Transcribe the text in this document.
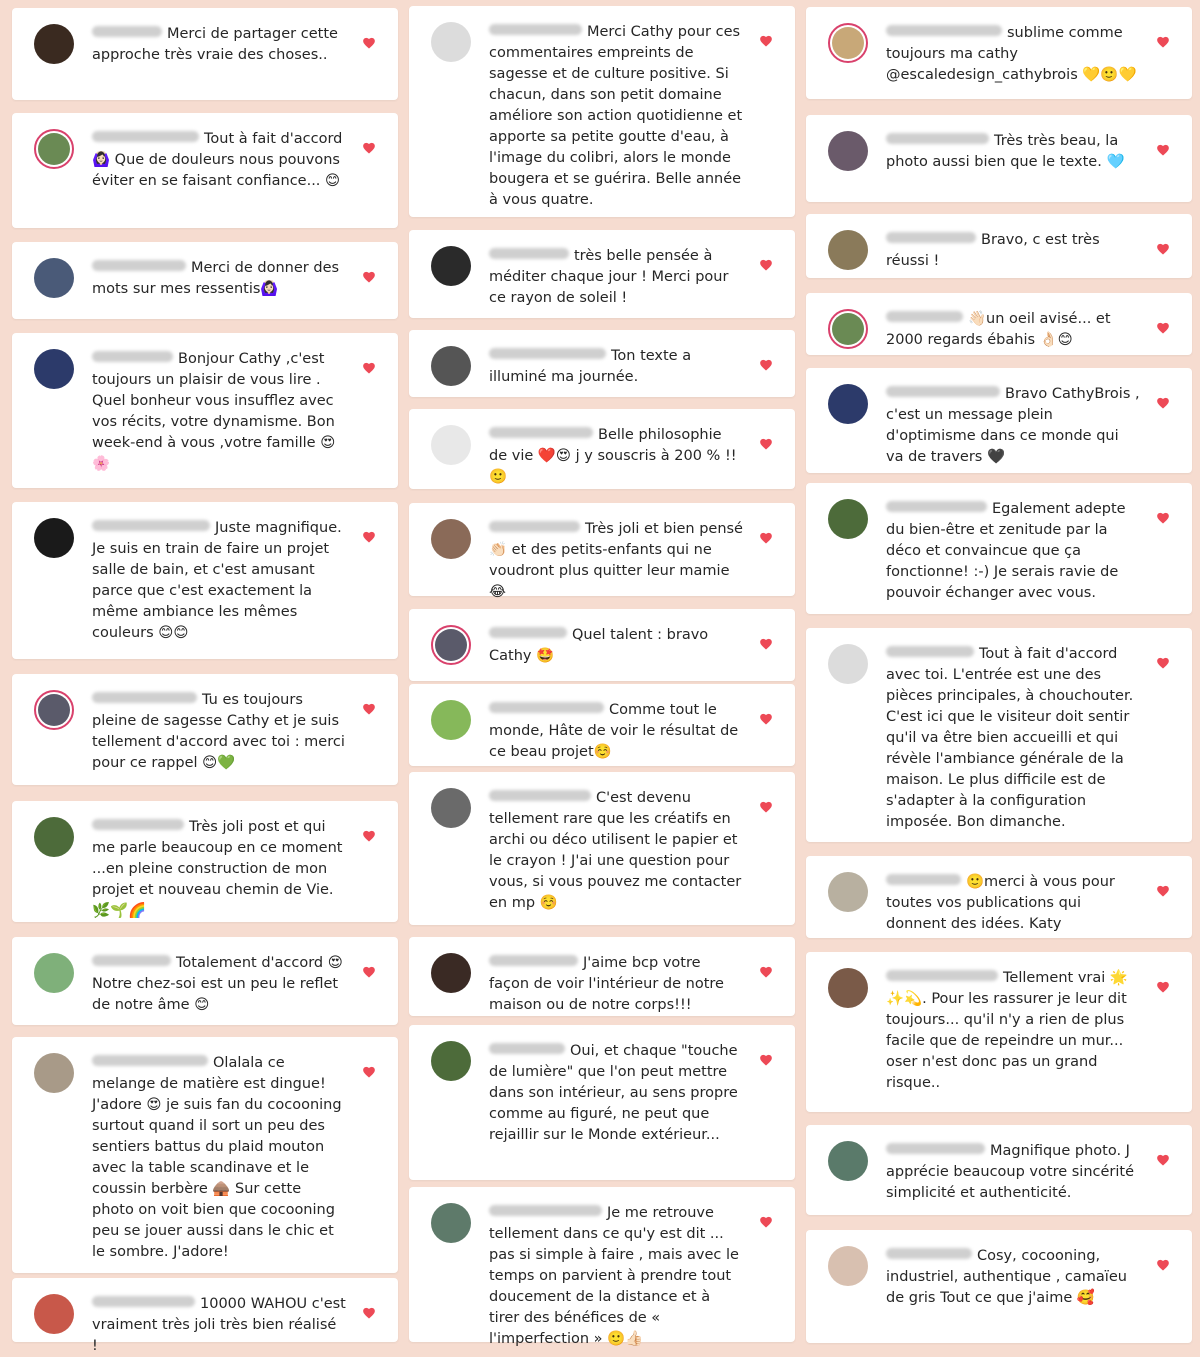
Merci de partager cette approche très vraie des choses..
Tout à fait d'accord 🙆🏻‍♀️ Que de douleurs nous pouvons éviter en se faisant confiance... 😊
Merci de donner des mots sur mes ressentis🙆🏻‍♀️
Bonjour Cathy ,c'est toujours un plaisir de vous lire . Quel bonheur vous insufflez avec vos récits, votre dynamisme. Bon week-end à vous ,votre famille 😍🌸
Juste magnifique. Je suis en train de faire un projet salle de bain, et c'est amusant parce que c'est exactement la même ambiance les mêmes couleurs 😊😊
Tu es toujours pleine de sagesse Cathy et je suis tellement d'accord avec toi : merci pour ce rappel 😊💚
Très joli post et qui me parle beaucoup en ce moment ...en pleine construction de mon projet et nouveau chemin de Vie. 🌿🌱🌈
Totalement d'accord 😍Notre chez-soi est un peu le reflet de notre âme 😊
Olalala ce melange de matière est dingue! J'adore 😍 je suis fan du cocooning surtout quand il sort un peu des sentiers battus du plaid mouton avec la table scandinave et le coussin berbère 🛖 Sur cette photo on voit bien que cocooning peu se jouer aussi dans le chic et le sombre. J'adore!
10000 WAHOU c'est vraiment très joli très bien réalisé !
Merci Cathy pour ces commentaires empreints de sagesse et de culture positive. Si chacun, dans son petit domaine améliore son action quotidienne et apporte sa petite goutte d'eau, à l'image du colibri, alors le monde bougera et se guérira. Belle année à vous quatre.
très belle pensée à méditer chaque jour ! Merci pour ce rayon de soleil !
Ton texte a illuminé ma journée.
Belle philosophie de vie ❤️😍 j y souscris à 200 % !! 🙂
Très joli et bien pensé 👏🏻 et des petits-enfants qui ne voudront plus quitter leur mamie 😂
Quel talent : bravo Cathy 🤩
Comme tout le monde, Hâte de voir le résultat de ce beau projet☺️
C'est devenu tellement rare que les créatifs en archi ou déco utilisent le papier et le crayon ! J'ai une question pour vous, si vous pouvez me contacter en mp ☺️
J'aime bcp votre façon de voir l'intérieur de notre maison ou de notre corps!!!
Oui, et chaque "touche de lumière" que l'on peut mettre dans son intérieur, au sens propre comme au figuré, ne peut que rejaillir sur le Monde extérieur...
Je me retrouve tellement dans ce qu'y est dit ... pas si simple à faire , mais avec le temps on parvient à prendre tout doucement de la distance et à tirer des bénéfices de « l'imperfection » 🙂👍🏻
sublime comme toujours ma cathy @escaledesign_cathybrois 💛🙂💛
Très très beau, la photo aussi bien que le texte. 🩵
Bravo, c est très réussi !
👋🏻un oeil avisé... et 2000 regards ébahis 👌🏻😊
Bravo CathyBrois , c'est un message plein d'optimisme dans ce monde qui va de travers 🖤
Egalement adepte du bien-être et zenitude par la déco et convaincue que ça fonctionne! :-) Je serais ravie de pouvoir échanger avec vous.
Tout à fait d'accord avec toi. L'entrée est une des pièces principales, à chouchouter. C'est ici que le visiteur doit sentir qu'il va être bien accueilli et qui révèle l'ambiance générale de la maison. Le plus difficile est de s'adapter à la configuration imposée. Bon dimanche.
🙂merci à vous pour toutes vos publications qui donnent des idées. Katy
Tellement vrai 🌟✨💫. Pour les rassurer je leur dit toujours... qu'il n'y a rien de plus facile que de repeindre un mur... oser n'est donc pas un grand risque..
Magnifique photo. J apprécie beaucoup votre sincérité simplicité et authenticité.
Cosy, cocooning, industriel, authentique , camaïeu de gris Tout ce que j'aime 🥰
